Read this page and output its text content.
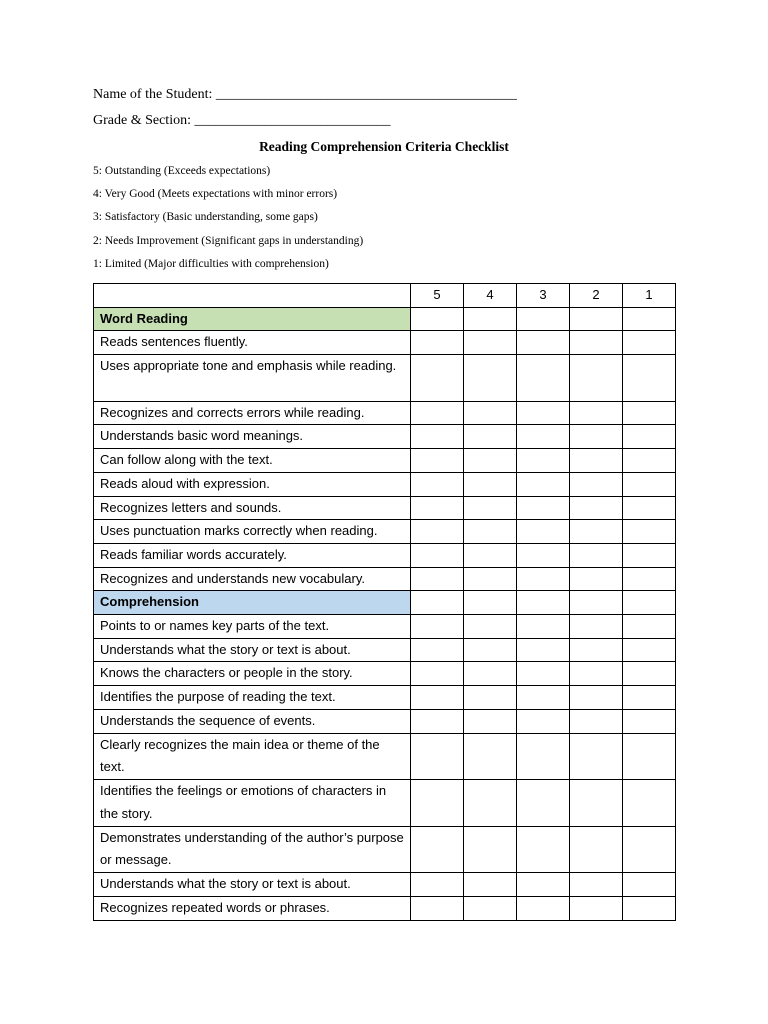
Name of the Student: ___________________________________________
Grade & Section: ____________________________
Reading Comprehension Criteria Checklist
5: Outstanding (Exceeds expectations)
4: Very Good (Meets expectations with minor errors)
3: Satisfactory (Basic understanding, some gaps)
2: Needs Improvement (Significant gaps in understanding)
1: Limited (Major difficulties with comprehension)
	5	4	3	2	1
Word Reading					
Reads sentences fluently.					
Uses appropriate tone and emphasis while reading.					
Recognizes and corrects errors while reading.					
Understands basic word meanings.					
Can follow along with the text.					
Reads aloud with expression.					
Recognizes letters and sounds.					
Uses punctuation marks correctly when reading.					
Reads familiar words accurately.					
Recognizes and understands new vocabulary.					
Comprehension					
Points to or names key parts of the text.					
Understands what the story or text is about.					
Knows the characters or people in the story.					
Identifies the purpose of reading the text.					
Understands the sequence of events.					
Clearly recognizes the main idea or theme of the text.					
Identifies the feelings or emotions of characters in the story.					
Demonstrates understanding of the author’s purpose or message.					
Understands what the story or text is about.					
Recognizes repeated words or phrases.					
